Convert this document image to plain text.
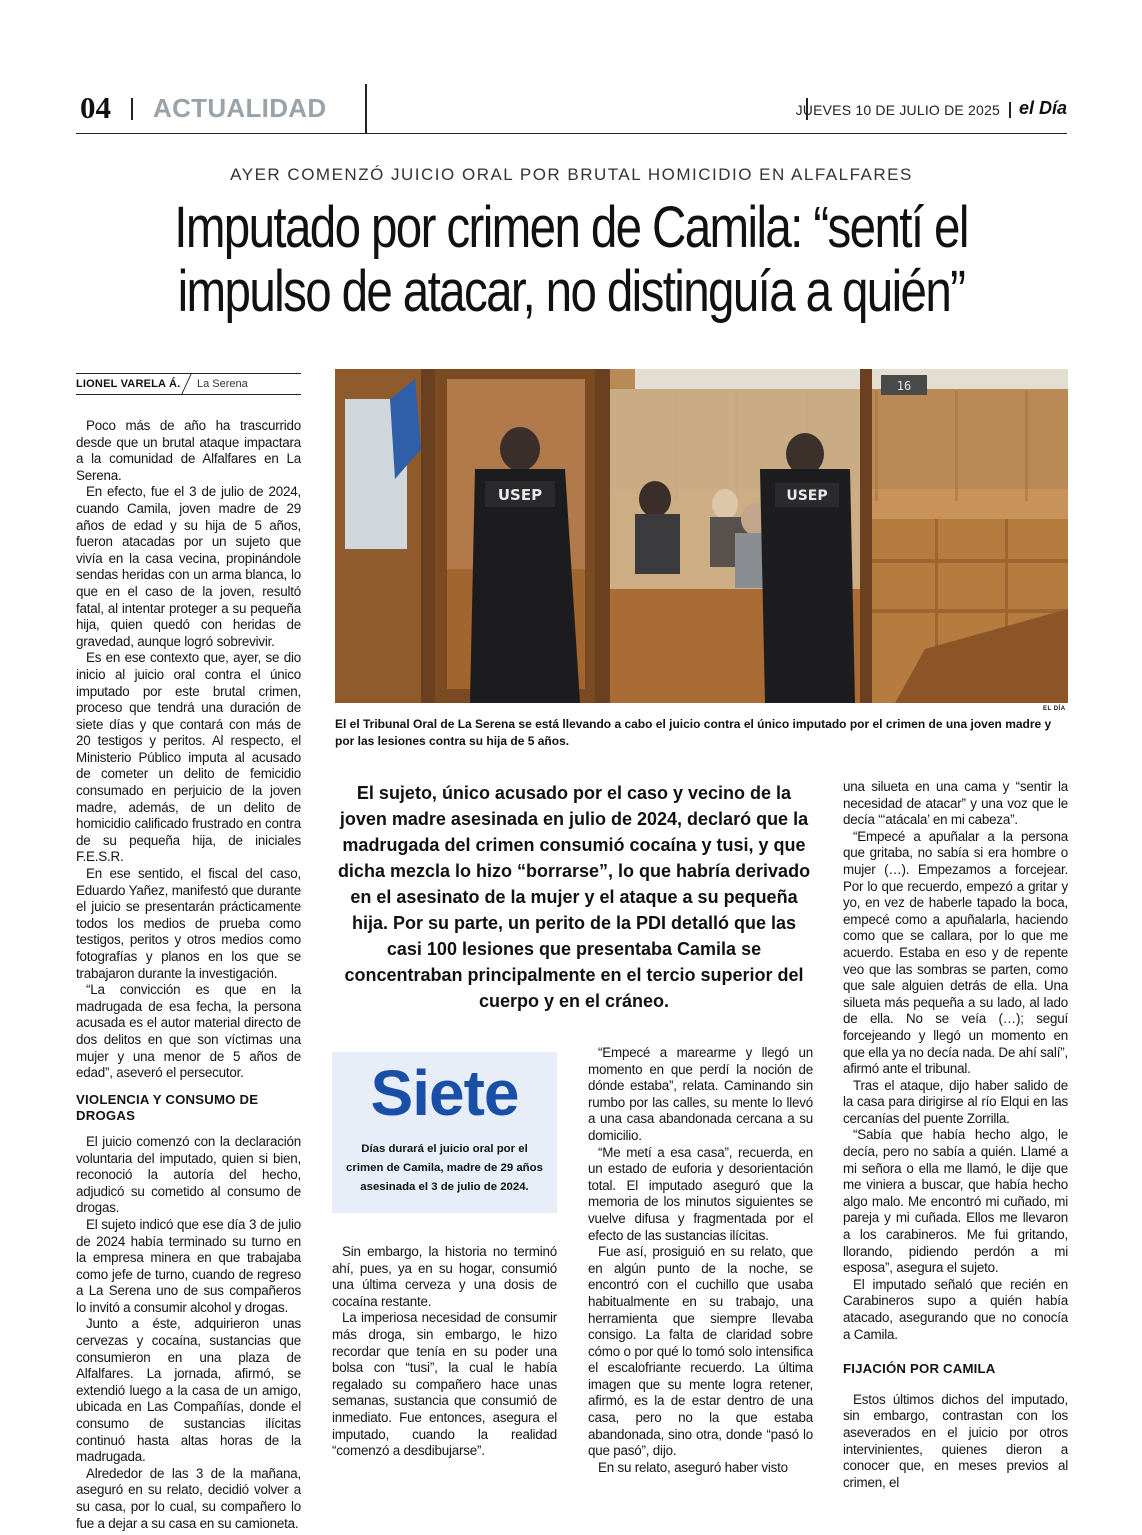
04 ACTUALIDAD	JUEVES 10 DE JULIO DE 2025 el Día
AYER COMENZÓ JUICIO ORAL POR BRUTAL HOMICIDIO EN ALFALFARES
Imputado por crimen de Camila: “sentí el impulso de atacar, no distinguía a quién”
LIONEL VARELA Á. La Serena	16
USEP	USEP
EL DÍA
El el Tribunal Oral de La Serena se está llevando a cabo el juicio contra el único imputado por el crimen de una joven madre y por las lesiones contra su hija de 5 años.

Poco más de año ha trascurrido desde que un brutal ataque impactara a la comunidad de Alfalfares en La Serena.

En efecto, fue el 3 de julio de 2024, cuando Camila, joven madre de 29 años de edad y su hija de 5 años, fueron atacadas por un sujeto que vivía en la casa vecina, propinándole sendas heridas con un arma blanca, lo que en el caso de la joven, resultó fatal, al intentar proteger a su pequeña hija, quien quedó con heridas de gravedad, aunque logró sobrevivir.

Es en ese contexto que, ayer, se dio inicio al juicio oral contra el único imputado por este brutal crimen, proceso que tendrá una duración de siete días y que contará con más de 20 testigos y peritos. Al respecto, el Ministerio Público imputa al acusado de cometer un delito de femicidio consumado en perjuicio de la joven madre, además, de un delito de homicidio calificado frustrado en contra de su pequeña hija, de iniciales F.E.S.R.

En ese sentido, el fiscal del caso, Eduardo Yañez, manifestó que durante el juicio se presentarán prácticamente todos los medios de prueba como testigos, peritos y otros medios como fotografías y planos en los que se trabajaron durante la investigación.

“La convicción es que en la madrugada de esa fecha, la persona acusada es el autor material directo de dos delitos en que son víctimas una mujer y una menor de 5 años de edad”, aseveró el persecutor.

VIOLENCIA Y CONSUMO DE DROGAS

El juicio comenzó con la declaración voluntaria del imputado, quien si bien, reconoció la autoría del hecho, adjudicó su cometido al consumo de drogas.

El sujeto indicó que ese día 3 de julio de 2024 había terminado su turno en la empresa minera en que trabajaba como jefe de turno, cuando de regreso a La Serena uno de sus compañeros lo invitó a consumir alcohol y drogas.

Junto a éste, adquirieron unas cervezas y cocaína, sustancias que consumieron en una plaza de Alfalfares. La jornada, afirmó, se extendió luego a la casa de un amigo, ubicada en Las Compañías, donde el consumo de sustancias ilícitas continuó hasta altas horas de la madrugada.

Alrededor de las 3 de la mañana, aseguró en su relato, decidió volver a su casa, por lo cual, su compañero lo fue a dejar a su casa en su camioneta.

El sujeto, único acusado por el caso y vecino de la joven madre asesinada en julio de 2024, declaró que la madrugada del crimen consumió cocaína y tusi, y que dicha mezcla lo hizo “borrarse”, lo que habría derivado en el asesinato de la mujer y el ataque a su pequeña hija. Por su parte, un perito de la PDI detalló que las casi 100 lesiones que presentaba Camila se concentraban principalmente en el tercio superior del cuerpo y en el cráneo.
Siete
Días durará el juicio oral por el crimen de Camila, madre de 29 años asesinada el 3 de julio de 2024.

Sin embargo, la historia no terminó ahí, pues, ya en su hogar, consumió una última cerveza y una dosis de cocaína restante.

La imperiosa necesidad de consumir más droga, sin embargo, le hizo recordar que tenía en su poder una bolsa con “tusi”, la cual le había regalado su compañero hace unas semanas, sustancia que consumió de inmediato. Fue entonces, asegura el imputado, cuando la realidad “comenzó a desdibujarse”.

“Empecé a marearme y llegó un momento en que perdí la noción de dónde estaba”, relata. Caminando sin rumbo por las calles, su mente lo llevó a una casa abandonada cercana a su domicilio.

“Me metí a esa casa”, recuerda, en un estado de euforia y desorientación total. El imputado aseguró que la memoria de los minutos siguientes se vuelve difusa y fragmentada por el efecto de las sustancias ilícitas.

Fue así, prosiguió en su relato, que en algún punto de la noche, se encontró con el cuchillo que usaba habitualmente en su trabajo, una herramienta que siempre llevaba consigo. La falta de claridad sobre cómo o por qué lo tomó solo intensifica el escalofriante recuerdo. La última imagen que su mente logra retener, afirmó, es la de estar dentro de una casa, pero no la que estaba abandonada, sino otra, donde “pasó lo que pasó”, dijo.

En su relato, aseguró haber visto

una silueta en una cama y “sentir la necesidad de atacar” y una voz que le decía “‘atácala’ en mi cabeza”.

“Empecé a apuñalar a la persona que gritaba, no sabía si era hombre o mujer (…). Empezamos a forcejear. Por lo que recuerdo, empezó a gritar y yo, en vez de haberle tapado la boca, empecé como a apuñalarla, haciendo como que se callara, por lo que me acuerdo. Estaba en eso y de repente veo que las sombras se parten, como que sale alguien detrás de ella. Una silueta más pequeña a su lado, al lado de ella. No se veía (…); seguí forcejeando y llegó un momento en que ella ya no decía nada. De ahí salí”, afirmó ante el tribunal.

Tras el ataque, dijo haber salido de la casa para dirigirse al río Elqui en las cercanías del puente Zorrilla.

“Sabía que había hecho algo, le decía, pero no sabía a quién. Llamé a mi señora o ella me llamó, le dije que me viniera a buscar, que había hecho algo malo. Me encontró mi cuñado, mi pareja y mi cuñada. Ellos me llevaron a los carabineros. Me fui gritando, llorando, pidiendo perdón a mi esposa”, asegura el sujeto.

El imputado señaló que recién en Carabineros supo a quién había atacado, asegurando que no conocía a Camila.

FIJACIÓN POR CAMILA

Estos últimos dichos del imputado, sin embargo, contrastan con los aseverados en el juicio por otros intervinientes, quienes dieron a conocer que, en meses previos al crimen, el
